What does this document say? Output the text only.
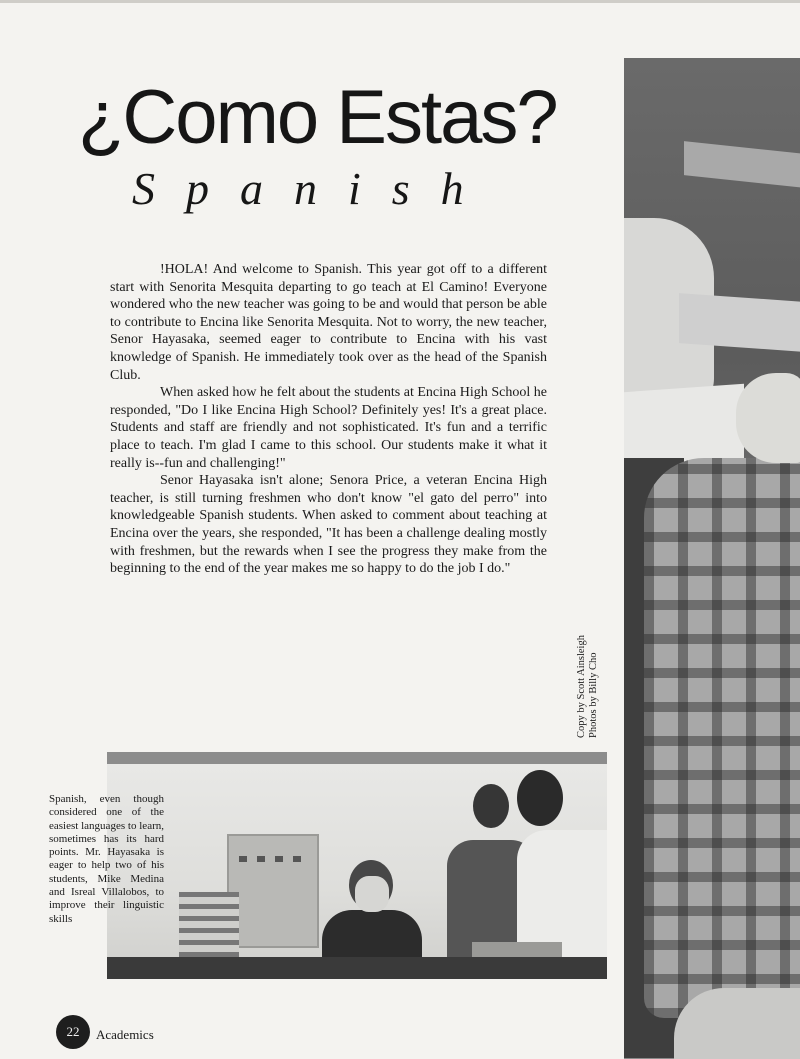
¿Como Estas?
Spanish

!HOLA! And welcome to Spanish. This year got off to a different start with Senorita Mesquita departing to go teach at El Camino! Everyone wondered who the new teacher was going to be and would that person be able to contribute to Encina like Senorita Mesquita. Not to worry, the new teacher, Senor Hayasaka, seemed eager to contribute to Encina with his vast knowledge of Spanish. He immediately took over as the head of the Spanish Club.

When asked how he felt about the students at Encina High School he responded, "Do I like Encina High School? Definitely yes! It's a great place. Students and staff are friendly and not sophisticated. It's fun and a terrific place to teach. I'm glad I came to this school. Our students make it what it really is--fun and challenging!"

Senor Hayasaka isn't alone; Senora Price, a veteran Encina High teacher, is still turning freshmen who don't know "el gato del perro" into knowledgeable Spanish students. When asked to comment about teaching at Encina over the years, she responded, "It has been a challenge dealing mostly with freshmen, but the rewards when I see the progress they make from the beginning to the end of the year makes me so happy to do the job I do."

Copy by Scott Ainsleigh Photos by Billy Cho
Spanish, even though considered one of the easiest languages to learn, sometimes has its hard points. Mr. Hayasaka is eager to help two of his students, Mike Medina and Isreal Villalobos, to improve their linguistic skills
22	Academics
